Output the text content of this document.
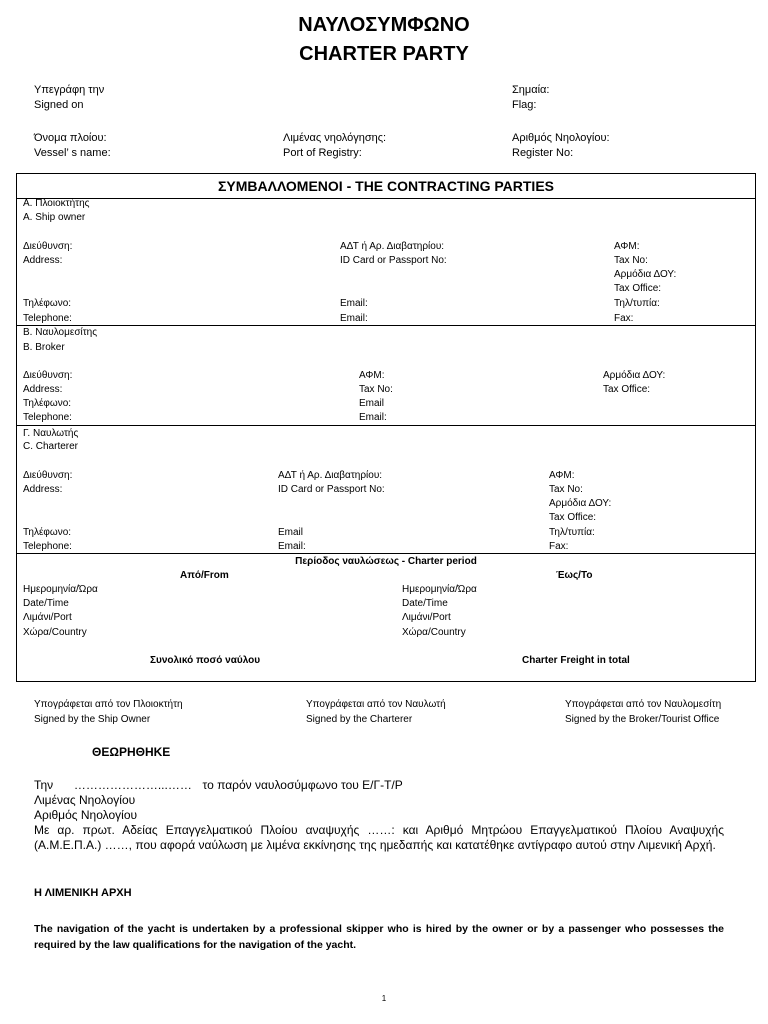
ΝΑΥΛΟΣΥΜΦΩΝΟ
CHARTER PARTY
Υπεγράφη την
Signed on
Σημαία:
Flag:
Όνομα πλοίου:
Vessel’ s name:
Λιμένας νηολόγησης:
Port of Registry:
Αριθμός Νηολογίου:
Register No:
ΣΥΜΒΑΛΛΟΜΕΝΟΙ - THE CONTRACTING PARTIES
Α. Πλοιοκτήτης
A. Ship owner
Διεύθυνση:
Address:
ΑΔΤ ή Αρ. Διαβατηρίου:
ID Card or Passport No:
ΑΦΜ:
Tax No:
Αρμόδια ΔΟΥ:
Tax Office:
Τηλέφωνο:
Telephone:
Email:
Email:
Τηλ/τυπία:
Fax:
Β. Ναυλομεσίτης
B. Broker
Διεύθυνση:
Address:
Τηλέφωνο:
Telephone:
ΑΦΜ:
Tax No:
Email
Email:
Αρμόδια ΔΟΥ:
Tax Office:
Γ. Ναυλωτής
C. Charterer
Διεύθυνση:
Address:
ΑΔΤ ή Αρ. Διαβατηρίου:
ID Card or Passport No:
ΑΦΜ:
Tax No:
Αρμόδια ΔΟΥ:
Tax Office:
Τηλέφωνο:
Telephone:
Email
Email:
Τηλ/τυπία:
Fax:
Περίοδος ναυλώσεως - Charter period
Από/From	Έως/To
Ημερομηνία/Ώρα
Date/Time
Λιμάνι/Port
Χώρα/Country
Ημερομηνία/Ώρα
Date/Time
Λιμάνι/Port
Χώρα/Country
Συνολικό ποσό ναύλου	Charter Freight in total
Υπογράφεται από τον Πλοιοκτήτη
Signed by the Ship Owner
Υπογράφεται από τον Ναυλωτή
Signed by the Charterer
Υπογράφεται από τον Ναυλομεσίτη
Signed by the Broker/Tourist Office
ΘΕΩΡΗΘΗΚΕ
Την …………………...…… το παρόν ναυλοσύμφωνο του Ε/Γ-Τ/Ρ
Λιμένας Νηολογίου
Αριθμός Νηολογίου
Με αρ. πρωτ. Αδείας Επαγγελματικού Πλοίου αναψυχής ……: και Αριθμό Μητρώου Επαγγελματικού Πλοίου Αναψυχής (Α.Μ.Ε.Π.Α.) ……, που αφορά ναύλωση με λιμένα εκκίνησης της ημεδαπής και κατατέθηκε αντίγραφο αυτού στην Λιμενική Αρχή.
Η ΛΙΜΕΝΙΚΗ ΑΡΧΗ
The navigation of the yacht is undertaken by a professional skipper who is hired by the owner or by a passenger who possesses the required by the law qualifications for the navigation of the yacht.
1
